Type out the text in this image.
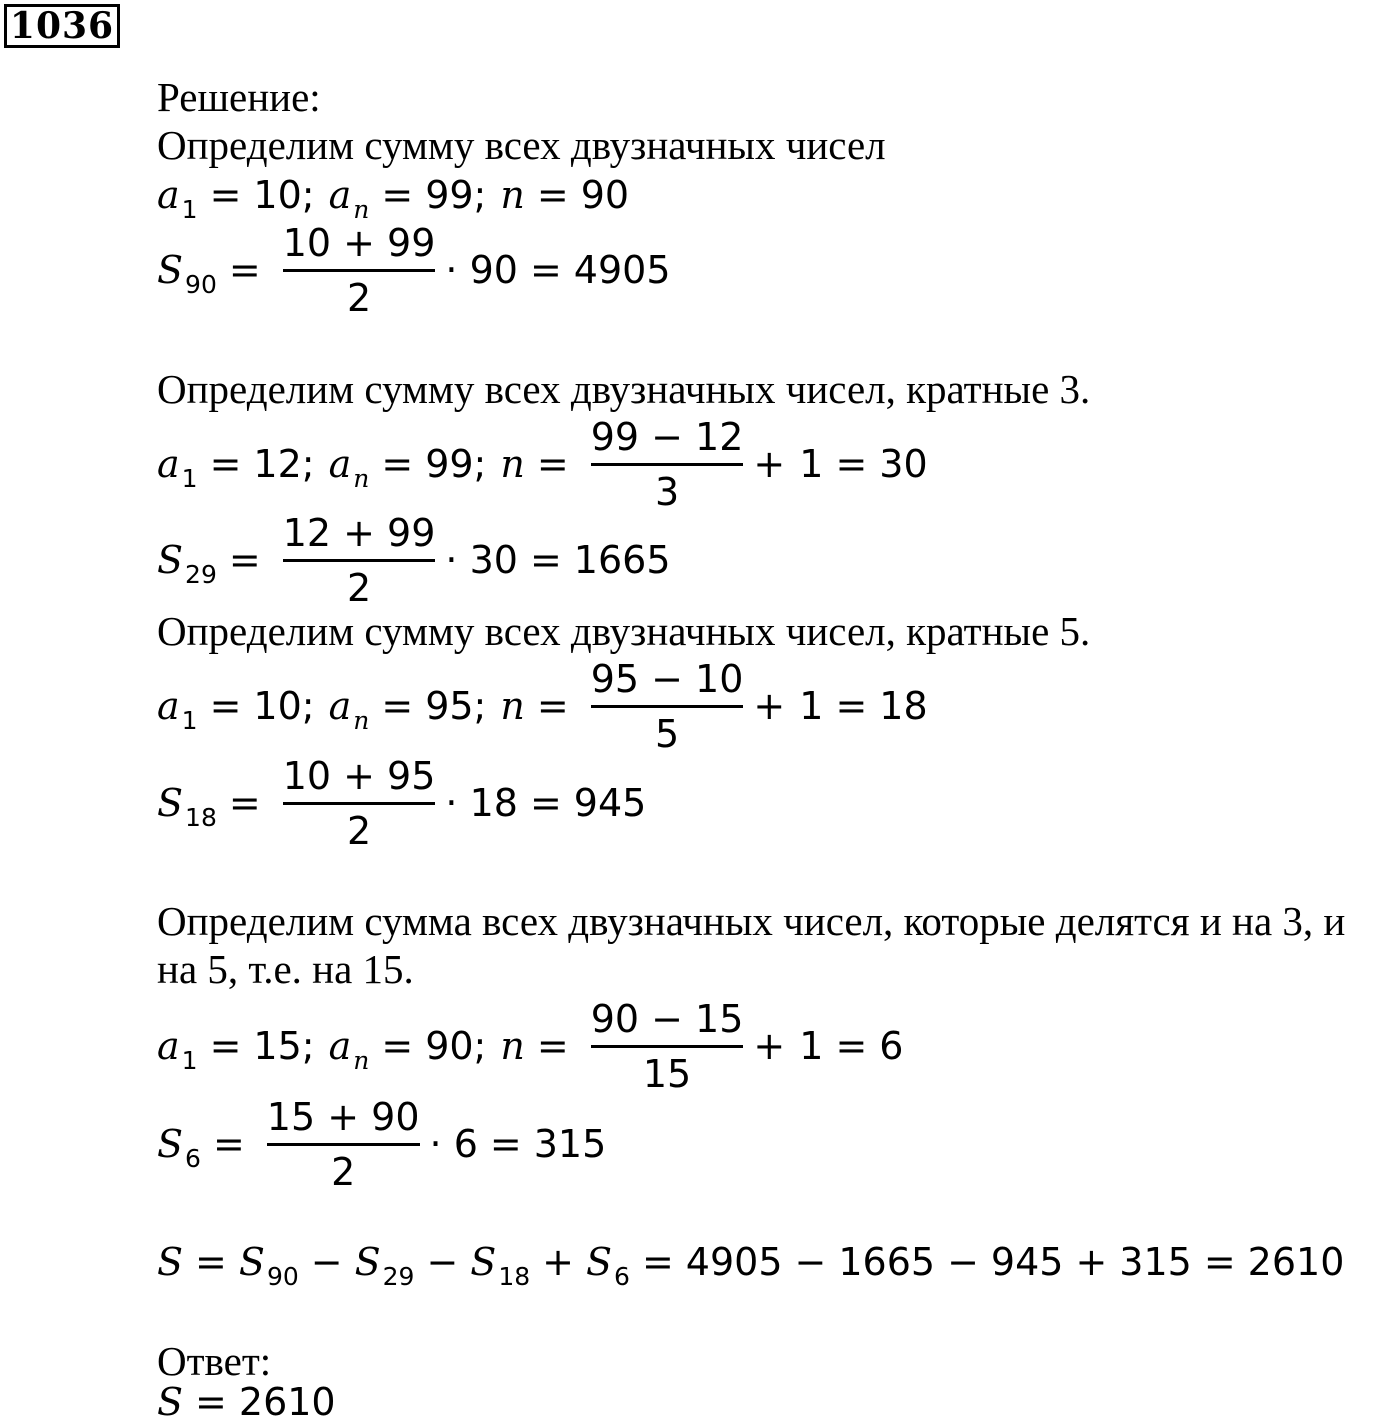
1036
Решение:
Определим сумму всех двузначных чисел
a 1 = 10 ; a n = 99 ; n = 90
S $90 = \frac{10 + 99}{2} \cdot 90 = 4905$
Определим сумму всех двузначных чисел, кратные 3.
a 1 = 12 ; a n = 99 ; $n = \frac{99 - 12}{3} + 1 = 30$
S $29 = \frac{12 + 99}{2} \cdot 30 = 1665$
Определим сумму всех двузначных чисел, кратные 5.
a 1 = 10 ; a n = 95 ; $n = \frac{95 - 10}{5} + 1 = 18$
S $18 = \frac{10 + 95}{2} \cdot 18 = 945$
Определим сумма всех двузначных чисел, которые делятся и на 3, и
на 5, т.е. на 15.
a 1 = 15 ; a n = 90 ; $n = \frac{90 - 15}{15} + 1 = 6$
S $6 = \frac{15 + 90}{2} \cdot 6 = 315$
S = S 90 − S 29 − S 18 + S 6 = 4905 − 1665 − 945 + 315 = 2610
Ответ:
S = 2610
